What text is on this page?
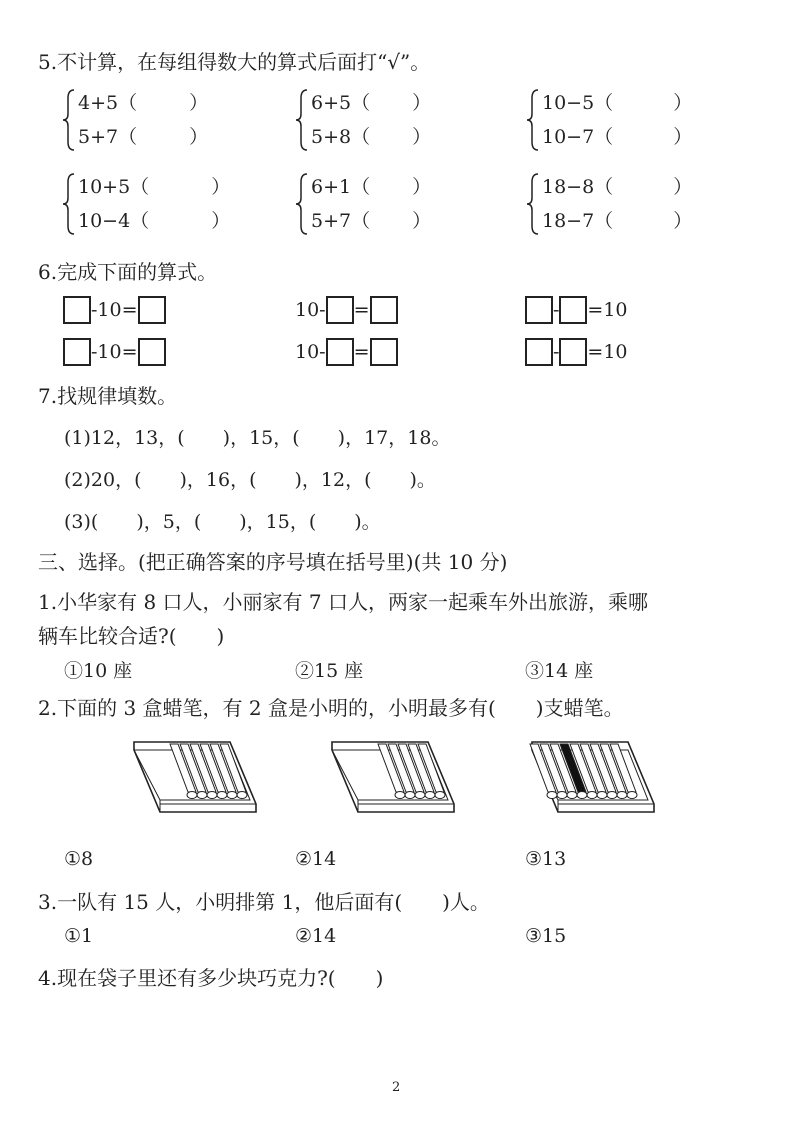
5.不计算，在每组得数大的算式后面打“√”。
4+5（	）
5+7（	）
6+5（ ）
5+8（ ）
10−5（	）
10−7（	）
10+5（	）
10−4（	）
6+1（ ）
5+7（ ）
18−8（	）
18−7（	）
6.完成下面的算式。
-10=	10- =	- =10
-10=	10- =	- =10
7.找规律填数。
(1)12，13，(　　)，15，(　　)，17，18。
(2)20，(　　)，16，(　　)，12，(　　)。
(3)(　　)，5，(　　)，15，(　　)。
三、选择。(把正确答案的序号填在括号里)(共 10 分)
1.小华家有 8 口人，小丽家有 7 口人，两家一起乘车外出旅游，乘哪
辆车比较合适?(　　)
①10 座	②15 座	③14 座
2.下面的 3 盒蜡笔，有 2 盒是小明的，小明最多有(　　)支蜡笔。
①8	②14	③13
3.一队有 15 人，小明排第 1，他后面有(　　)人。
①1	②14	③15
4.现在袋子里还有多少块巧克力?(　　)
2
